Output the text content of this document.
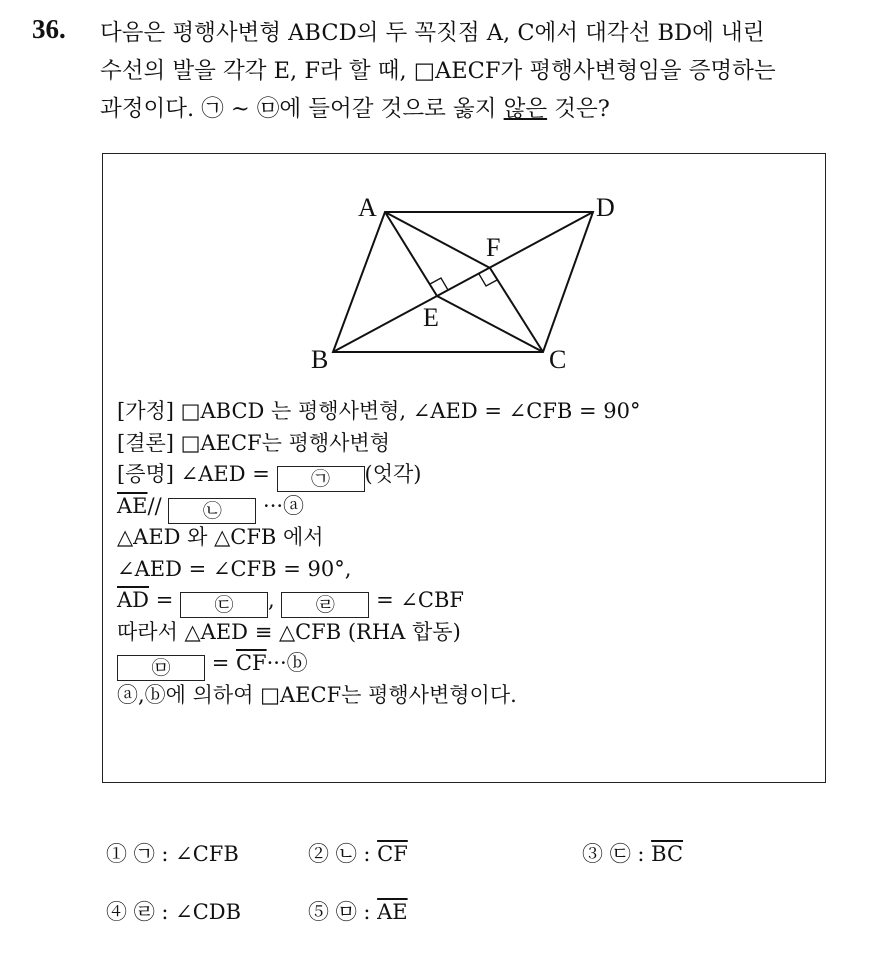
36. 다음은 평행사변형 ABCD의 두 꼭짓점 A, C에서 대각선 BD에 내린
수선의 발을 각각 E, F라 할 때, □AECF가 평행사변형임을 증명하는
과정이다. ㉠ ~ ㉤에 들어갈 것으로 옳지 않은 것은?
A	D
F
E
B	C
[가정] □ABCD 는 평행사변형, ∠AED = ∠CFB = 90°
[결론] □AECF는 평행사변형
[증명] ∠AED = ㉠ (엇각)
$\overline{AE}//$ ㉡ ···ⓐ
△AED 와 △CFB 에서
∠AED = ∠CFB = 90°,
$\overline{AD}$ = ㉢ , ㉣ = ∠CBF
따라서 △AED ≡ △CFB (RHA 합동)
㉤ = $\overline{CF}\cdot\cdot\cdotⓑ$
ⓐ,ⓑ에 의하여 □AECF는 평행사변형이다.
① ㉠ : ∠CFB	② ㉡ : $\overline{CF}$	③ ㉢ : $\overline{BC}$
④ ㉣ : ∠CDB	⑤ ㉤ : $\overline{AE}$
